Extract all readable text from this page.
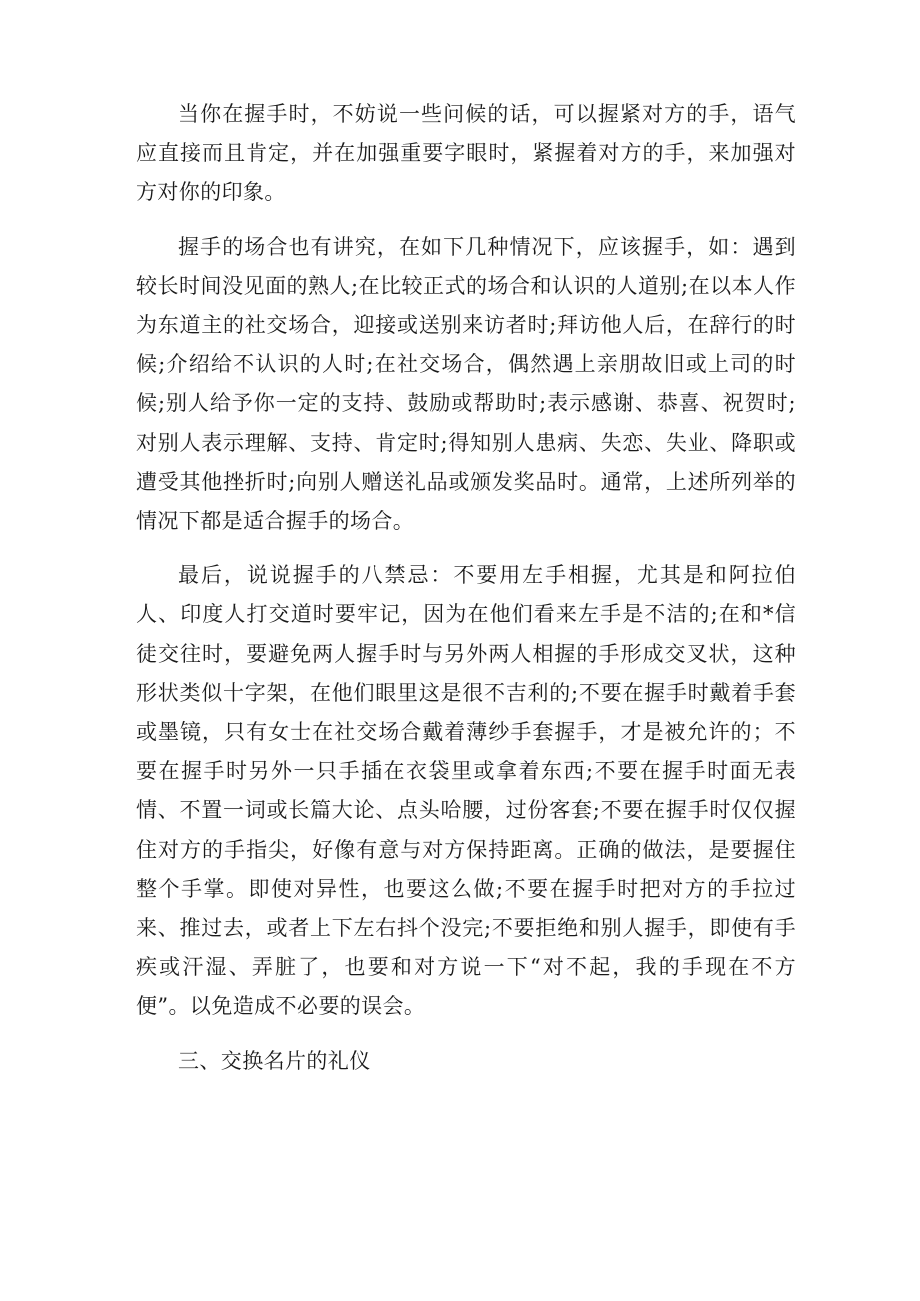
当你在握手时，不妨说一些问候的话，可以握紧对方的手，语气应直接而且肯定，并在加强重要字眼时，紧握着对方的手，来加强对方对你的印象。

握手的场合也有讲究，在如下几种情况下，应该握手，如：遇到较长时间没见面的熟人;在比较正式的场合和认识的人道别;在以本人作为东道主的社交场合，迎接或送别来访者时;拜访他人后，在辞行的时候;介绍给不认识的人时;在社交场合，偶然遇上亲朋故旧或上司的时候;别人给予你一定的支持、鼓励或帮助时;表示感谢、恭喜、祝贺时;对别人表示理解、支持、肯定时;得知别人患病、失恋、失业、降职或遭受其他挫折时;向别人赠送礼品或颁发奖品时。通常，上述所列举的情况下都是适合握手的场合。

最后，说说握手的八禁忌：不要用左手相握，尤其是和阿拉伯人、印度人打交道时要牢记，因为在他们看来左手是不洁的;在和*信徒交往时，要避免两人握手时与另外两人相握的手形成交叉状，这种形状类似十字架，在他们眼里这是很不吉利的;不要在握手时戴着手套或墨镜，只有女士在社交场合戴着薄纱手套握手，才是被允许的；不要在握手时另外一只手插在衣袋里或拿着东西;不要在握手时面无表情、不置一词或长篇大论、点头哈腰，过份客套;不要在握手时仅仅握住对方的手指尖，好像有意与对方保持距离。正确的做法，是要握住整个手掌。即使对异性，也要这么做;不要在握手时把对方的手拉过来、推过去，或者上下左右抖个没完;不要拒绝和别人握手，即使有手疾或汗湿、弄脏了，也要和对方说一下“对不起，我的手现在不方便”。以免造成不必要的误会。

三、交换名片的礼仪
